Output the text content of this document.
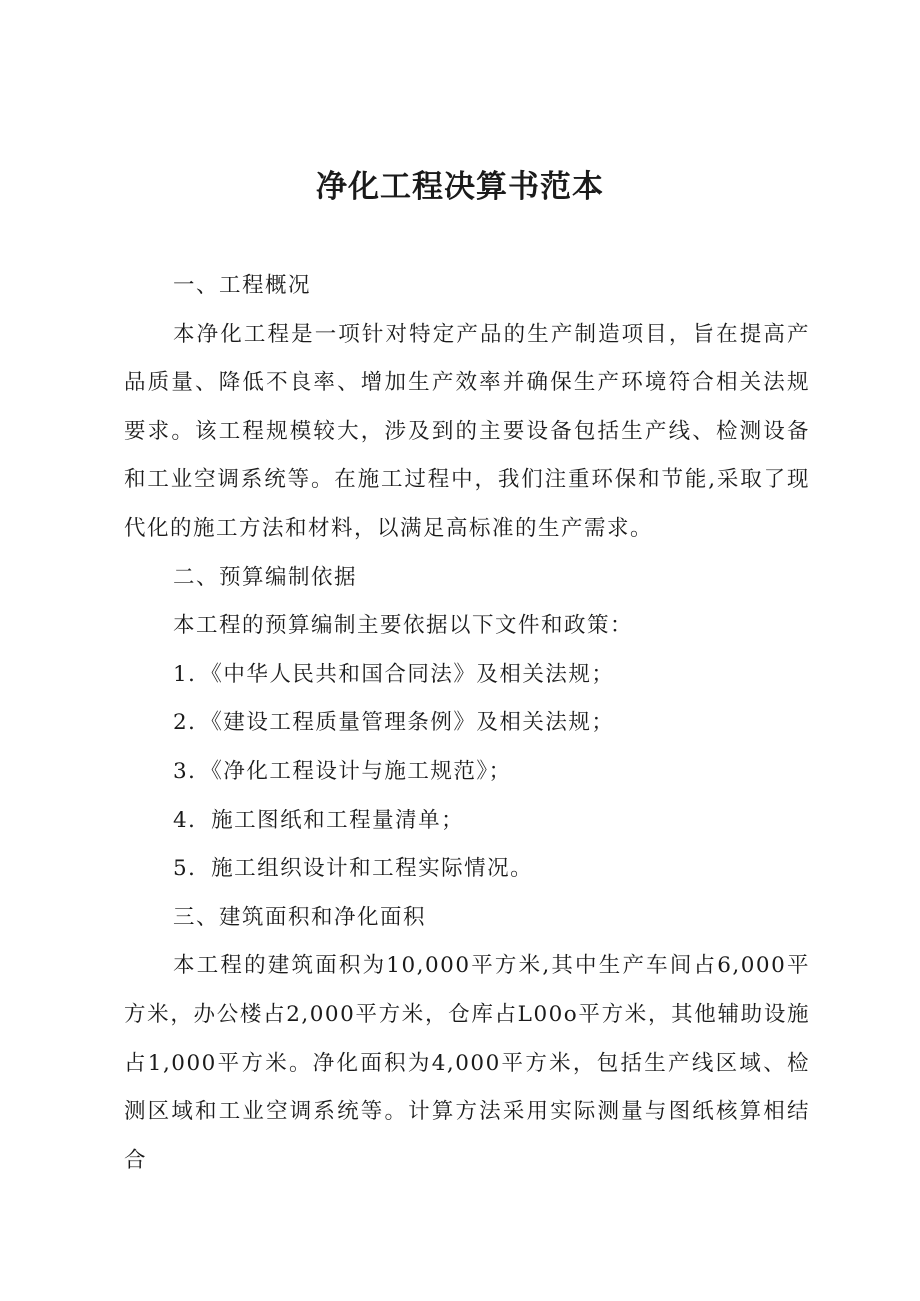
净化工程决算书范本

一、工程概况

本净化工程是一项针对特定产品的生产制造项目，旨在提高产品质量、降低不良率、增加生产效率并确保生产环境符合相关法规要求。该工程规模较大，涉及到的主要设备包括生产线、检测设备和工业空调系统等。在施工过程中，我们注重环保和节能,采取了现代化的施工方法和材料，以满足高标准的生产需求。

二、预算编制依据

本工程的预算编制主要依据以下文件和政策：

1．《中华人民共和国合同法》及相关法规；

2．《建设工程质量管理条例》及相关法规；

3．《净化工程设计与施工规范》；

4．施工图纸和工程量清单；

5．施工组织设计和工程实际情况。

三、建筑面积和净化面积

本工程的建筑面积为10,000平方米,其中生产车间占6,000平方米，办公楼占2,000平方米，仓库占L00o平方米，其他辅助设施占1,000平方米。净化面积为4,000平方米，包括生产线区域、检测区域和工业空调系统等。计算方法采用实际测量与图纸核算相结合
